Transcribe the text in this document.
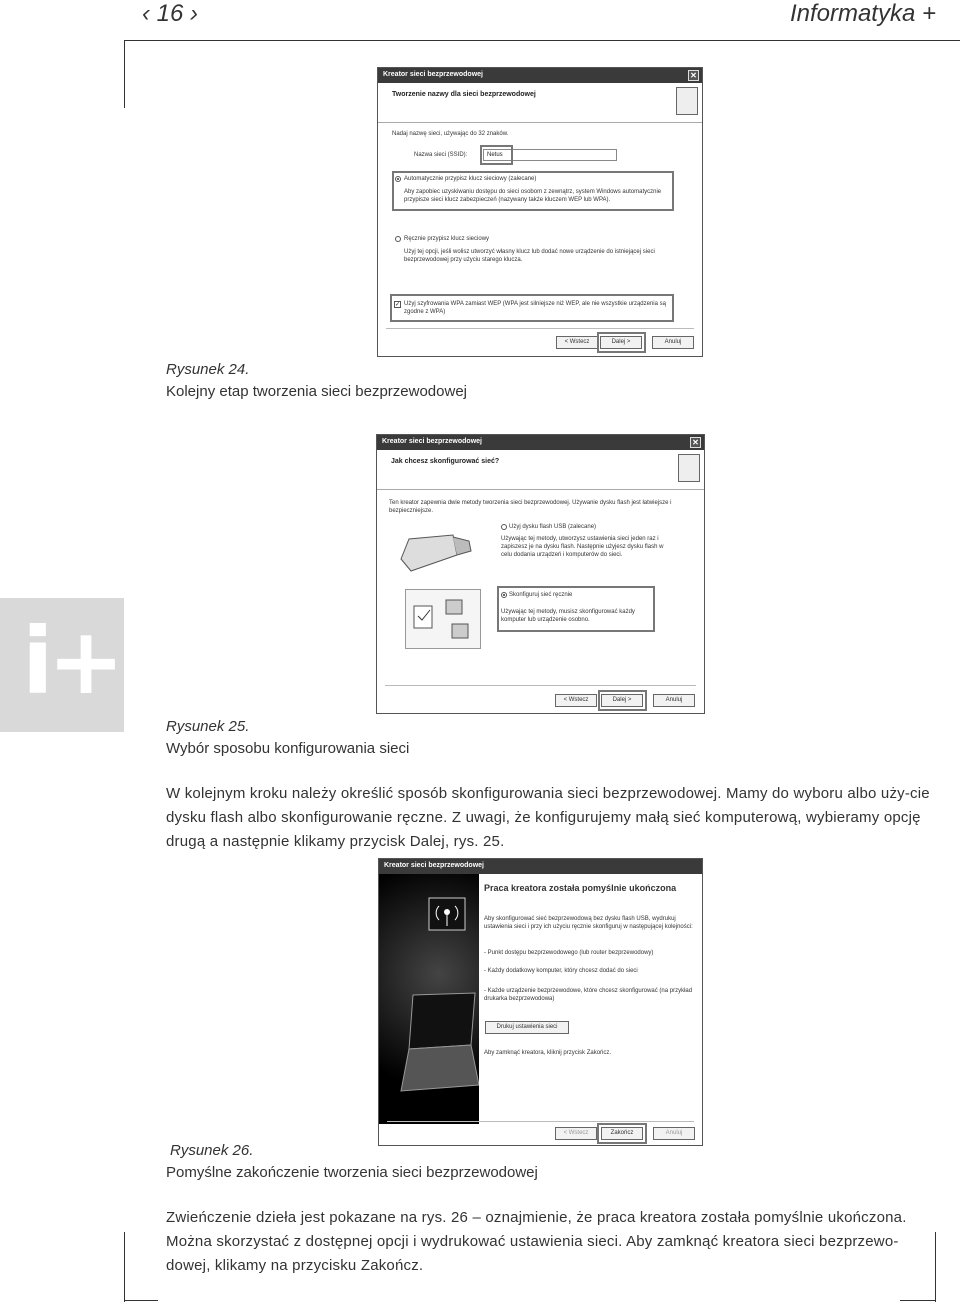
‹ 16 ›	Informatyka +
i+
Kreator sieci bezprzewodowej	✕
Tworzenie nazwy dla sieci bezprzewodowej
Nadaj nazwę sieci, używając do 32 znaków.
Nazwa sieci (SSID):	Netus
Automatycznie przypisz klucz sieciowy (zalecane)
Aby zapobiec uzyskiwaniu dostępu do sieci osobom z zewnątrz, system Windows automatycznie przypisze sieci klucz zabezpieczeń (nazywany także kluczem WEP lub WPA).
Ręcznie przypisz klucz sieciowy
Użyj tej opcji, jeśli wolisz utworzyć własny klucz lub dodać nowe urządzenie do istniejącej sieci bezprzewodowej przy użyciu starego klucza.
✓ Użyj szyfrowania WPA zamiast WEP (WPA jest silniejsze niż WEP, ale nie wszystkie urządzenia są zgodne z WPA)
< Wstecz	Dalej >	Anuluj
Rysunek 24.
Kolejny etap tworzenia sieci bezprzewodowej
Kreator sieci bezprzewodowej	✕
Jak chcesz skonfigurować sieć?
Ten kreator zapewnia dwie metody tworzenia sieci bezprzewodowej. Używanie dysku flash jest łatwiejsze i bezpieczniejsze.
Użyj dysku flash USB (zalecane)
Używając tej metody, utworzysz ustawienia sieci jeden raz i zapiszesz je na dysku flash. Następnie użyjesz dysku flash w celu dodania urządzeń i komputerów do sieci.
Skonfiguruj sieć ręcznie
Używając tej metody, musisz skonfigurować każdy komputer lub urządzenie osobno.
< Wstecz	Dalej >	Anuluj
Rysunek 25.
Wybór sposobu konfigurowania sieci
W kolejnym kroku należy określić sposób skonfigurowania sieci bezprzewodowej. Mamy do wyboru albo uży-cie dysku flash albo skonfigurowanie ręczne. Z uwagi, że konfigurujemy małą sieć komputerową, wybieramy opcję drugą a następnie klikamy przycisk Dalej, rys. 25.
Kreator sieci bezprzewodowej
Praca kreatora została pomyślnie ukończona
Aby skonfigurować sieć bezprzewodową bez dysku flash USB, wydrukuj ustawienia sieci i przy ich użyciu ręcznie skonfiguruj w następującej kolejności:
- Punkt dostępu bezprzewodowego (lub router bezprzewodowy)
- Każdy dodatkowy komputer, który chcesz dodać do sieci
- Każde urządzenie bezprzewodowe, które chcesz skonfigurować (na przykład drukarka bezprzewodowa)
Drukuj ustawienia sieci
Aby zamknąć kreatora, kliknij przycisk Zakończ.
< Wstecz	Zakończ	Anuluj
Rysunek 26.
Pomyślne zakończenie tworzenia sieci bezprzewodowej
Zwieńczenie dzieła jest pokazane na rys. 26 – oznajmienie, że praca kreatora została pomyślnie ukończona. Można skorzystać z dostępnej opcji i wydrukować ustawienia sieci. Aby zamknąć kreatora sieci bezprzewo-dowej, klikamy na przycisku Zakończ.
